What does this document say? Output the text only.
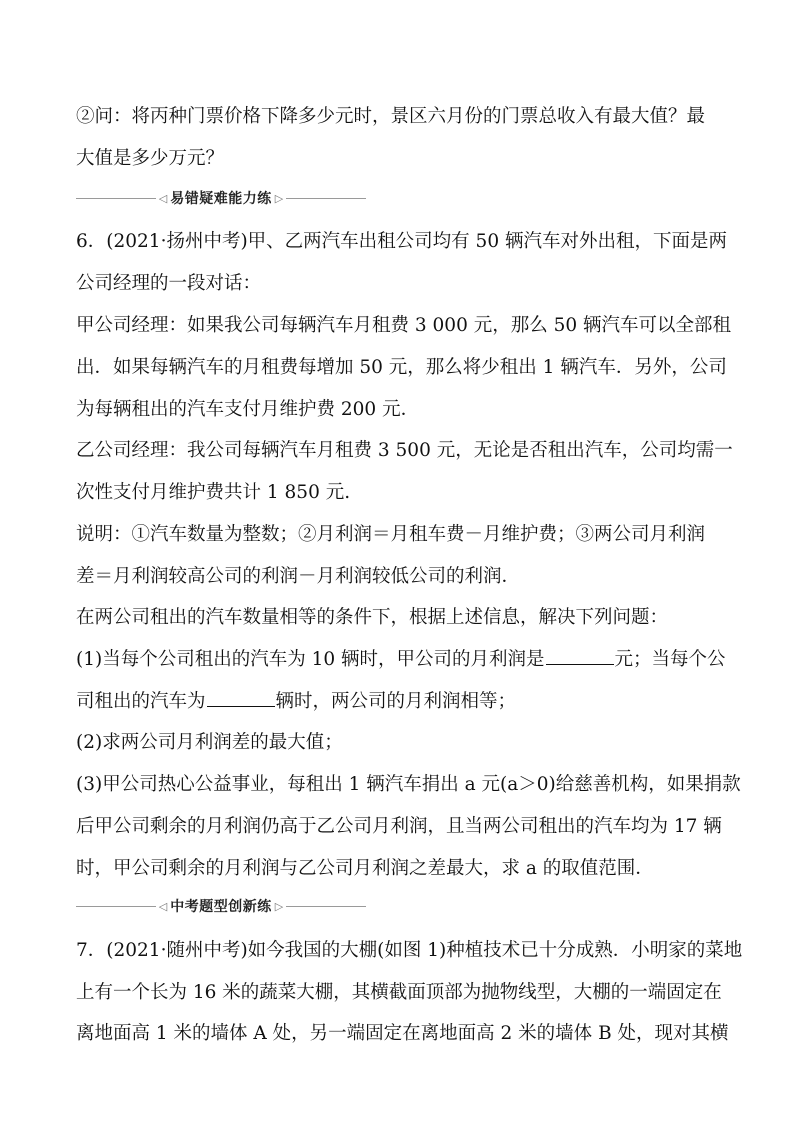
②问：将丙种门票价格下降多少元时，景区六月份的门票总收入有最大值？最
大值是多少万元？
◁ 易错疑难能力练 ▷
6．(2021·扬州中考)甲、乙两汽车出租公司均有 50 辆汽车对外出租，下面是两
公司经理的一段对话：
甲公司经理：如果我公司每辆汽车月租费 3 000 元，那么 50 辆汽车可以全部租
出．如果每辆汽车的月租费每增加 50 元，那么将少租出 1 辆汽车．另外，公司
为每辆租出的汽车支付月维护费 200 元．
乙公司经理：我公司每辆汽车月租费 3 500 元，无论是否租出汽车，公司均需一
次性支付月维护费共计 1 850 元.
说明：①汽车数量为整数；②月利润＝月租车费－月维护费；③两公司月利润
差＝月利润较高公司的利润－月利润较低公司的利润．
在两公司租出的汽车数量相等的条件下，根据上述信息，解决下列问题：
(1)当每个公司租出的汽车为 10 辆时，甲公司的月利润是	元；当每个公
司租出的汽车为	辆时，两公司的月利润相等；
(2)求两公司月利润差的最大值；
(3)甲公司热心公益事业，每租出 1 辆汽车捐出 a 元(a＞0)给慈善机构，如果捐款
后甲公司剩余的月利润仍高于乙公司月利润，且当两公司租出的汽车均为 17 辆
时，甲公司剩余的月利润与乙公司月利润之差最大，求 a 的取值范围．
◁ 中考题型创新练 ▷
7．(2021·随州中考)如今我国的大棚(如图 1)种植技术已十分成熟．小明家的菜地
上有一个长为 16 米的蔬菜大棚，其横截面顶部为抛物线型，大棚的一端固定在
离地面高 1 米的墙体 A 处，另一端固定在离地面高 2 米的墙体 B 处，现对其横
